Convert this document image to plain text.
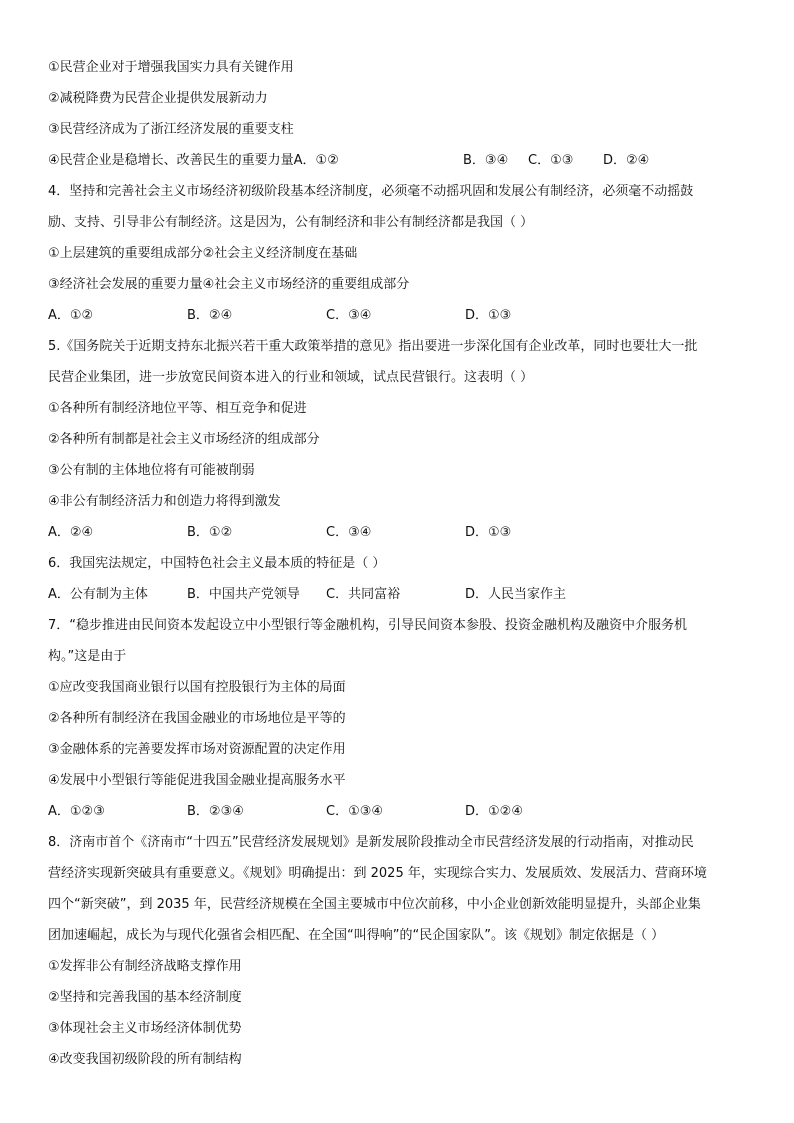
①民营企业对于增强我国实力具有关键作用
②减税降费为民营企业提供发展新动力
③民营经济成为了浙江经济发展的重要支柱
④民营企业是稳增长、改善民生的重要力量A．①②	B．③④	C．①③	D．②④
4．坚持和完善社会主义市场经济初级阶段基本经济制度，必须毫不动摇巩固和发展公有制经济，必须毫不动摇鼓
励、支持、引导非公有制经济。这是因为，公有制经济和非公有制经济都是我国（ ）
①上层建筑的重要组成部分②社会主义经济制度在基础
③经济社会发展的重要力量④社会主义市场经济的重要组成部分
A．①②	B．②④	C．③④	D．①③
5.《国务院关于近期支持东北振兴若干重大政策举措的意见》指出要进一步深化国有企业改革，同时也要壮大一批
民营企业集团，进一步放宽民间资本进入的行业和领域，试点民营银行。这表明（ ）
①各种所有制经济地位平等、相互竞争和促进
②各种所有制都是社会主义市场经济的组成部分
③公有制的主体地位将有可能被削弱
④非公有制经济活力和创造力将得到激发
A．②④	B．①②	C．③④	D．①③
6．我国宪法规定，中国特色社会主义最本质的特征是（ ）
A．公有制为主体	B．中国共产党领导	C．共同富裕	D．人民当家作主
7．“稳步推进由民间资本发起设立中小型银行等金融机构，引导民间资本参股、投资金融机构及融资中介服务机
构。”这是由于
①应改变我国商业银行以国有控股银行为主体的局面
②各种所有制经济在我国金融业的市场地位是平等的
③金融体系的完善要发挥市场对资源配置的决定作用
④发展中小型银行等能促进我国金融业提高服务水平
A．①②③	B．②③④	C．①③④	D．①②④
8．济南市首个《济南市“十四五”民营经济发展规划》是新发展阶段推动全市民营经济发展的行动指南，对推动民
营经济实现新突破具有重要意义。《规划》明确提出：到 2025 年，实现综合实力、发展质效、发展活力、营商环境
四个“新突破”，到 2035 年，民营经济规模在全国主要城市中位次前移，中小企业创新效能明显提升，头部企业集
团加速崛起，成长为与现代化强省会相匹配、在全国“叫得响”的“民企国家队”。该《规划》制定依据是（ ）
①发挥非公有制经济战略支撑作用
②坚持和完善我国的基本经济制度
③体现社会主义市场经济体制优势
④改变我国初级阶段的所有制结构
